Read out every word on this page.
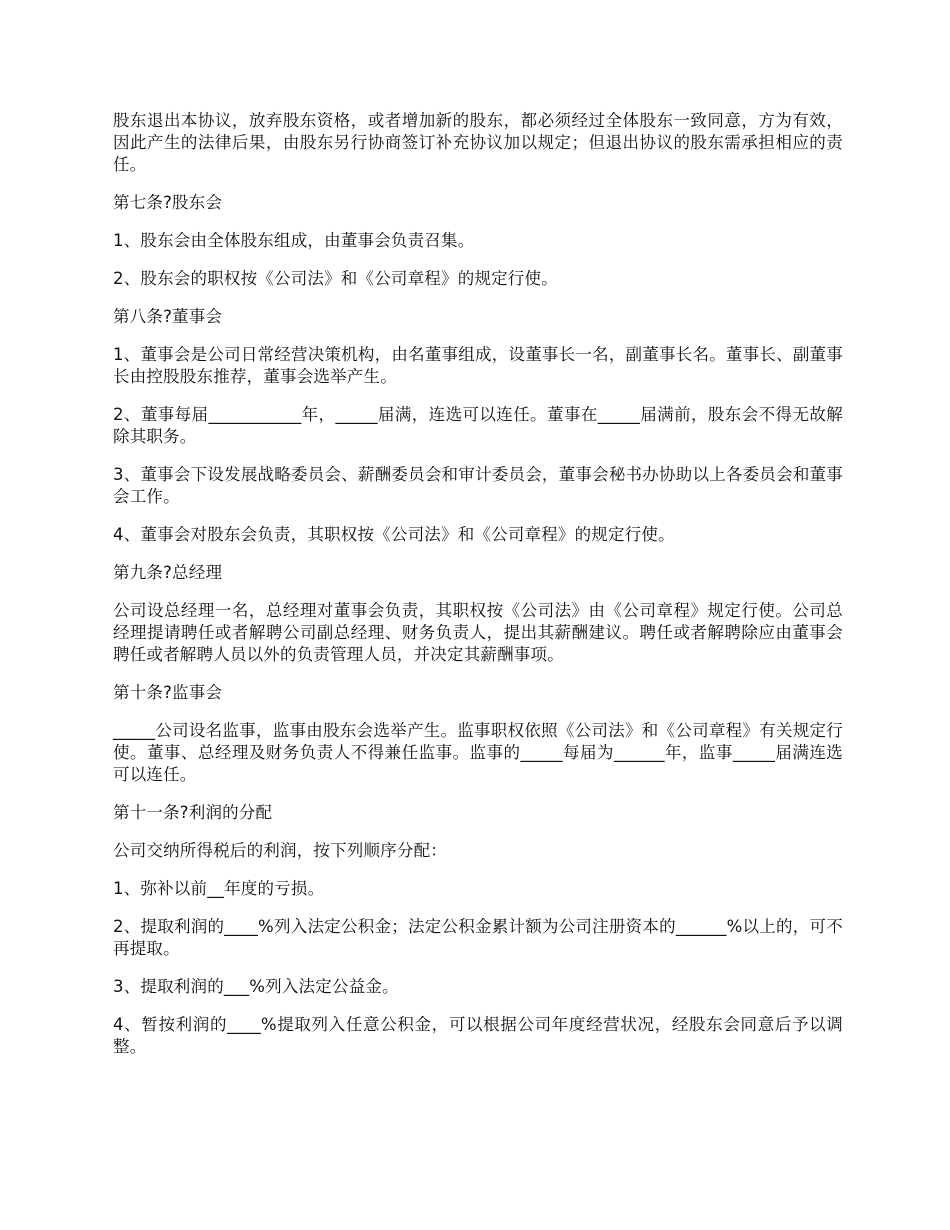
股东退出本协议，放弃股东资格，或者增加新的股东，都必须经过全体股东一致同意，方为有效，因此产生的法律后果，由股东另行协商签订补充协议加以规定；但退出协议的股东需承担相应的责任。

第七条?股东会

1、股东会由全体股东组成，由董事会负责召集。

2、股东会的职权按《公司法》和《公司章程》的规定行使。

第八条?董事会

1、董事会是公司日常经营决策机构，由名董事组成，设董事长一名，副董事长名。董事长、副董事长由控股股东推荐，董事会选举产生。

2、董事每届___________年，_____届满，连选可以连任。董事在_____届满前，股东会不得无故解除其职务。

3、董事会下设发展战略委员会、薪酬委员会和审计委员会，董事会秘书办协助以上各委员会和董事会工作。

4、董事会对股东会负责，其职权按《公司法》和《公司章程》的规定行使。

第九条?总经理

公司设总经理一名，总经理对董事会负责，其职权按《公司法》由《公司章程》规定行使。公司总经理提请聘任或者解聘公司副总经理、财务负责人，提出其薪酬建议。聘任或者解聘除应由董事会聘任或者解聘人员以外的负责管理人员，并决定其薪酬事项。

第十条?监事会

_____公司设名监事，监事由股东会选举产生。监事职权依照《公司法》和《公司章程》有关规定行使。董事、总经理及财务负责人不得兼任监事。监事的_____每届为______年，监事_____届满连选可以连任。

第十一条?利润的分配

公司交纳所得税后的利润，按下列顺序分配：

1、弥补以前__年度的亏损。

2、提取利润的____%列入法定公积金；法定公积金累计额为公司注册资本的______%以上的，可不再提取。

3、提取利润的___%列入法定公益金。

4、暂按利润的____%提取列入任意公积金，可以根据公司年度经营状况，经股东会同意后予以调整。
